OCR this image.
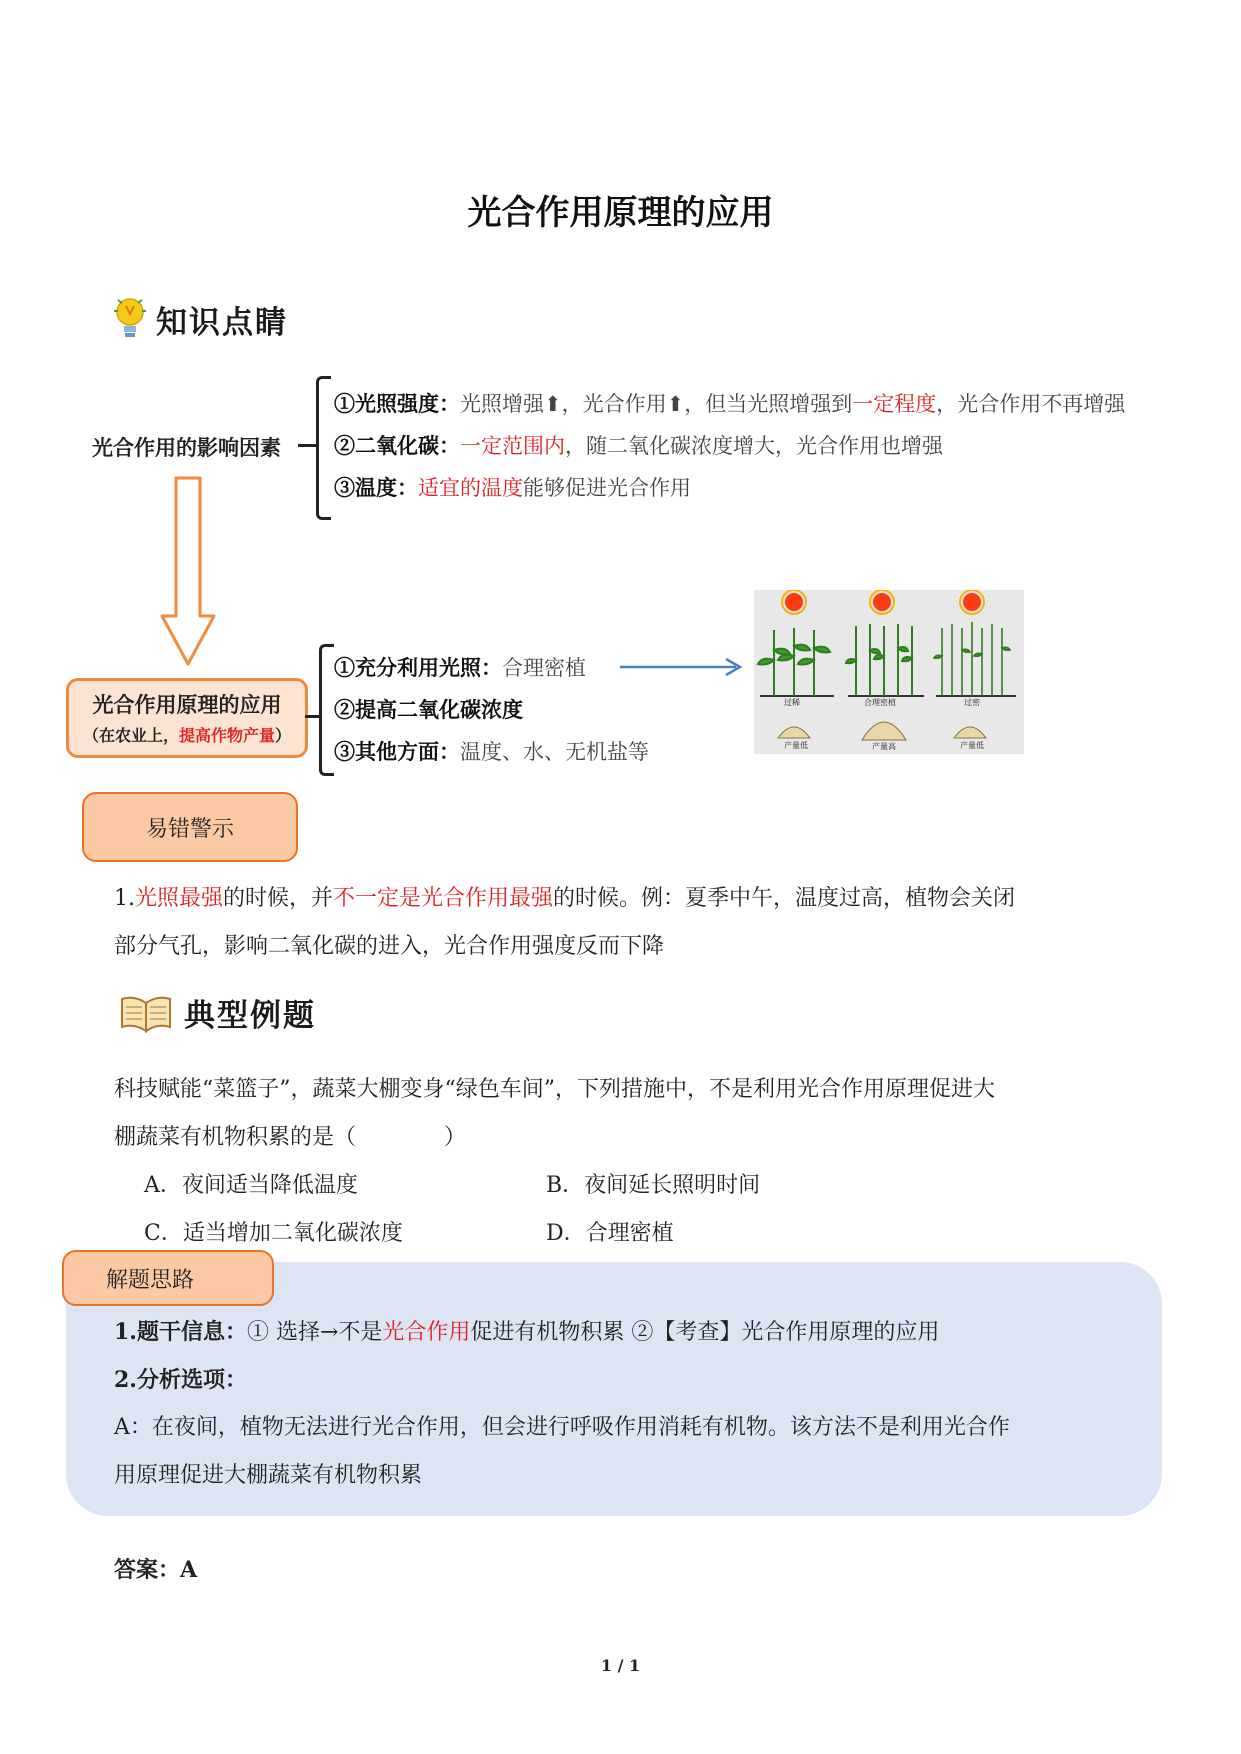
光合作用原理的应用
知识点睛
光合作用的影响因素
①光照强度：光照增强⬆，光合作用⬆，但当光照增强到一定程度，光合作用不再增强
②二氧化碳：一定范围内，随二氧化碳浓度增大，光合作用也增强
③温度：适宜的温度能够促进光合作用
光合作用原理的应用
（在农业上，提高作物产量）
①充分利用光照：合理密植
②提高二氧化碳浓度
③其他方面：温度、水、无机盐等
过稀	合理密植	过密
产量低	产量高	产量低
易错警示
1.光照最强的时候，并不一定是光合作用最强的时候。例：夏季中午，温度过高，植物会关闭
部分气孔，影响二氧化碳的进入，光合作用强度反而下降
典型例题
科技赋能“菜篮子”，蔬菜大棚变身“绿色车间”，下列措施中，不是利用光合作用原理促进大
棚蔬菜有机物积累的是（　　　　）
A．夜间适当降低温度	B．夜间延长照明时间
C．适当增加二氧化碳浓度	D．合理密植
解题思路
1.题干信息：① 选择→不是光合作用促进有机物积累 ②【考查】光合作用原理的应用
2.分析选项：
A：在夜间，植物无法进行光合作用，但会进行呼吸作用消耗有机物。该方法不是利用光合作
用原理促进大棚蔬菜有机物积累
答案：A
1 / 1
